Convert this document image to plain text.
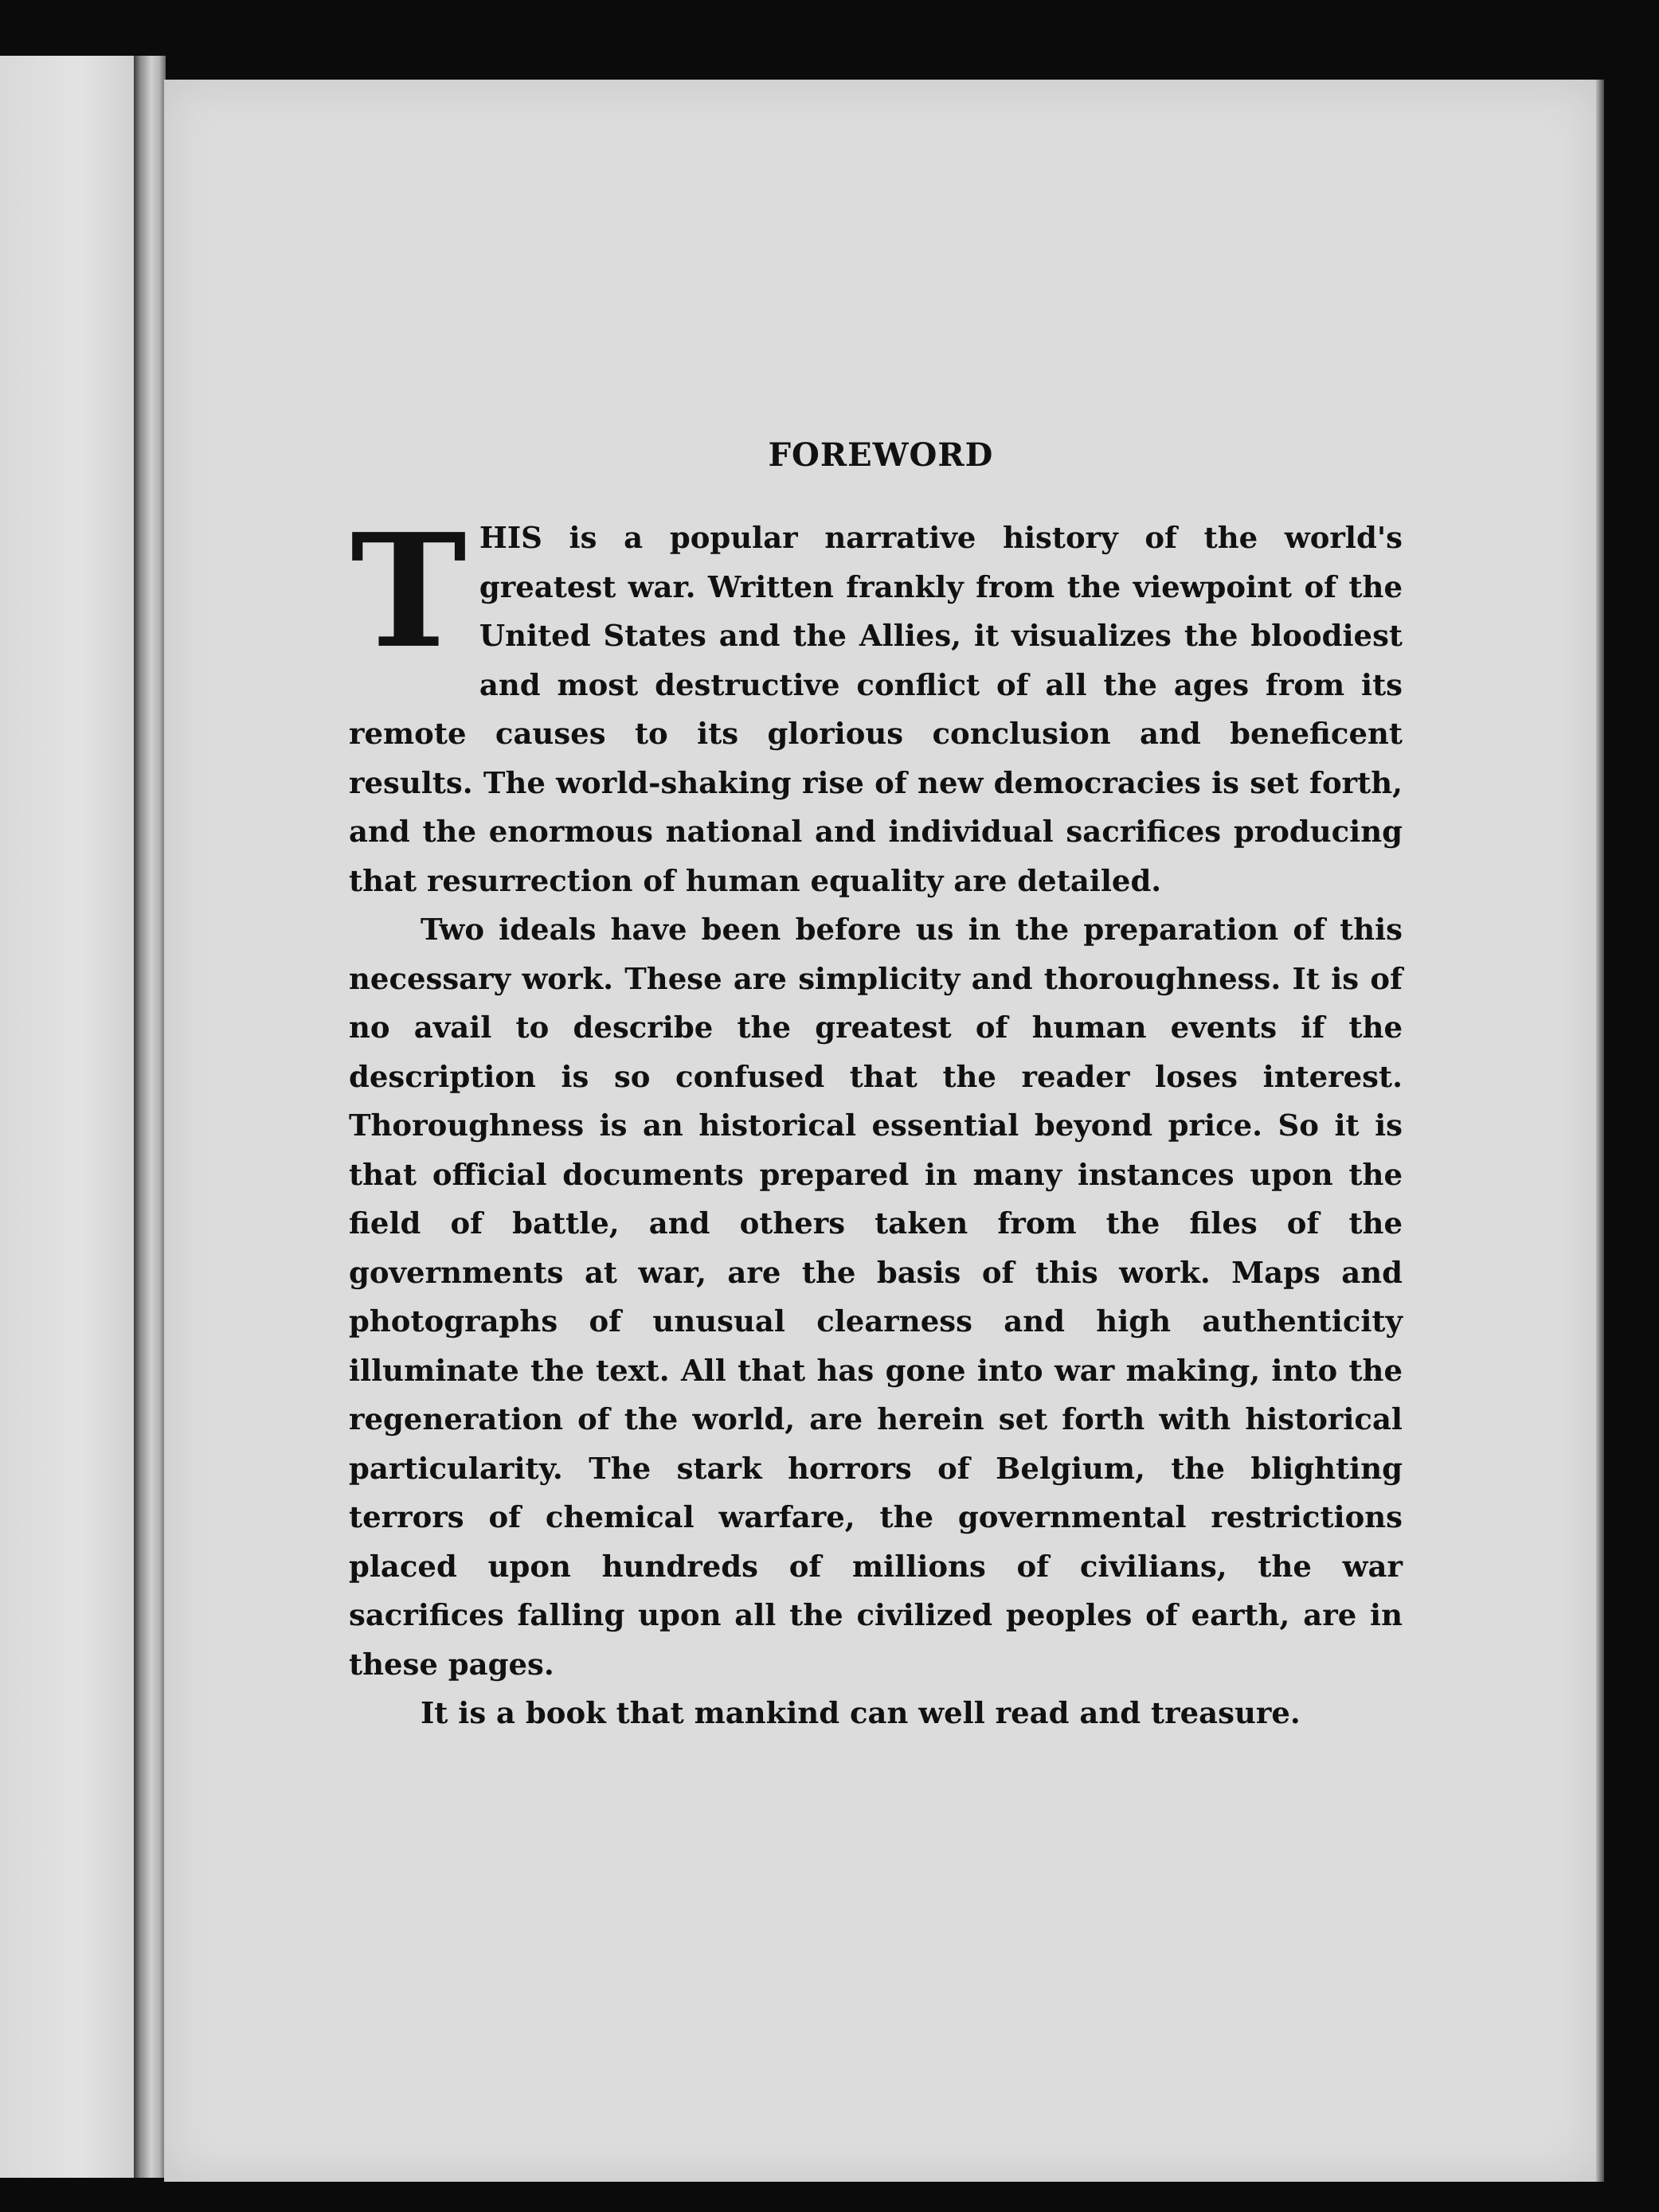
FOREWORD

THIS is a popular narrative history of the world's greatest war. Written frankly from the viewpoint of the United States and the Allies, it visualizes the bloodiest and most destructive conflict of all the ages from its remote causes to its glorious conclusion and beneficent results. The world-shaking rise of new democracies is set forth, and the enormous national and individual sacrifices producing that resurrection of human equality are detailed.

Two ideals have been before us in the preparation of this necessary work. These are simplicity and thoroughness. It is of no avail to describe the greatest of human events if the description is so confused that the reader loses interest. Thoroughness is an historical essential beyond price. So it is that official documents prepared in many instances upon the field of battle, and others taken from the files of the governments at war, are the basis of this work. Maps and photographs of unusual clearness and high authenticity illuminate the text. All that has gone into war making, into the regeneration of the world, are herein set forth with historical particularity. The stark horrors of Belgium, the blighting terrors of chemical warfare, the governmental restrictions placed upon hundreds of millions of civilians, the war sacrifices falling upon all the civilized peoples of earth, are in these pages.

It is a book that mankind can well read and treasure.
